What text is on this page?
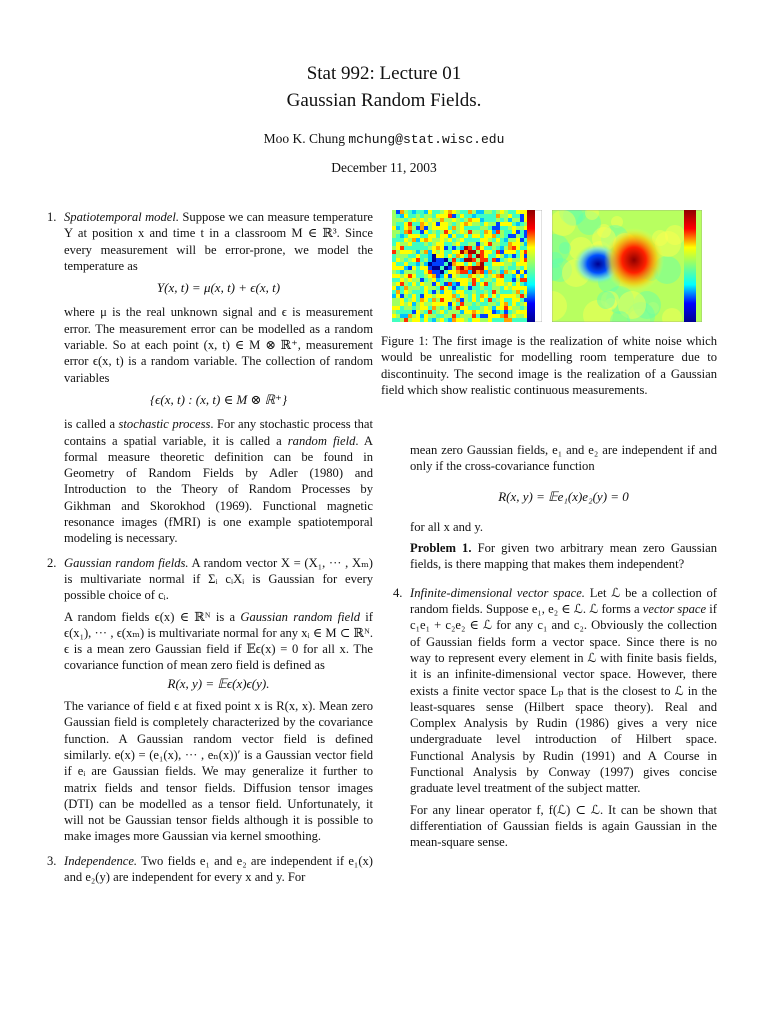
Stat 992: Lecture 01
Gaussian Random Fields.
Moo K. Chung mchung@stat.wisc.edu
December 11, 2003
1. Spatiotemporal model. Suppose we can measure temperature Y at position x and time t in a classroom M ∈ ℝ³. Since every measurement will be error-prone, we model the temperature as

Y(x, t) = μ(x, t) + ϵ(x, t)

where μ is the real unknown signal and ϵ is measurement error. The measurement error can be modelled as a random variable. So at each point (x, t) ∈ M ⊗ ℝ⁺, measurement error ϵ(x, t) is a random variable. The collection of random variables

{ϵ(x, t) : (x, t) ∈ M ⊗ ℝ⁺}

is called a stochastic process. For any stochastic process that contains a spatial variable, it is called a random field. A formal measure theoretic definition can be found in Geometry of Random Fields by Adler (1980) and Introduction to the Theory of Random Processes by Gikhman and Skorokhod (1969). Functional magnetic resonance images (fMRI) is one example spatiotemporal modeling is necessary.

2. Gaussian random fields. A random vector X = (X₁, ··· , Xₘ) is multivariate normal if Σᵢ cᵢXᵢ is Gaussian for every possible choice of cᵢ.

A random fields ϵ(x) ∈ ℝᴺ is a Gaussian random field if ϵ(x₁), ··· , ϵ(xₘ) is multivariate normal for any xᵢ ∈ M ⊂ ℝᴺ. ϵ is a mean zero Gaussian field if 𝔼ϵ(x) = 0 for all x. The covariance function of mean zero field is defined as

R(x, y) = 𝔼ϵ(x)ϵ(y).

The variance of field ϵ at fixed point x is R(x, x). Mean zero Gaussian field is completely characterized by the covariance function. A Gaussian random vector field is defined similarly. e(x) = (e₁(x), ··· , eₙ(x))′ is a Gaussian vector field if eᵢ are Gaussian fields. We may generalize it further to matrix fields and tensor fields. Diffusion tensor images (DTI) can be modelled as a tensor field. Unfortunately, it will not be Gaussian tensor fields although it is possible to make images more Gaussian via kernel smoothing.

3. Independence. Two fields e₁ and e₂ are independent if e₁(x) and e₂(y) are independent for every x and y. For

Figure 1: The first image is the realization of white noise which would be unrealistic for modelling room temperature due to discontinuity. The second image is the realization of a Gaussian field which show realistic continuous measurements.

mean zero Gaussian fields, e₁ and e₂ are independent if and only if the cross-covariance function

R(x, y) = 𝔼e₁(x)e₂(y) = 0

for all x and y.

Problem 1. For given two arbitrary mean zero Gaussian fields, is there mapping that makes them independent?

4. Infinite-dimensional vector space. Let ℒ be a collection of random fields. Suppose e₁, e₂ ∈ ℒ. ℒ forms a vector space if c₁e₁ + c₂e₂ ∈ ℒ for any c₁ and c₂. Obviously the collection of Gaussian fields form a vector space. Since there is no way to represent every element in ℒ with finite basis fields, it is an infinite-dimensional vector space. However, there exists a finite vector space Lₚ that is the closest to ℒ in the least-squares sense (Hilbert space theory). Real and Complex Analysis by Rudin (1986) gives a very nice undergraduate level introduction of Hilbert space. Functional Analysis by Rudin (1991) and A Course in Functional Analysis by Conway (1997) gives concise graduate level treatment of the subject matter.

For any linear operator f, f(ℒ) ⊂ ℒ. It can be shown that differentiation of Gaussian fields is again Gaussian in the mean-square sense.
